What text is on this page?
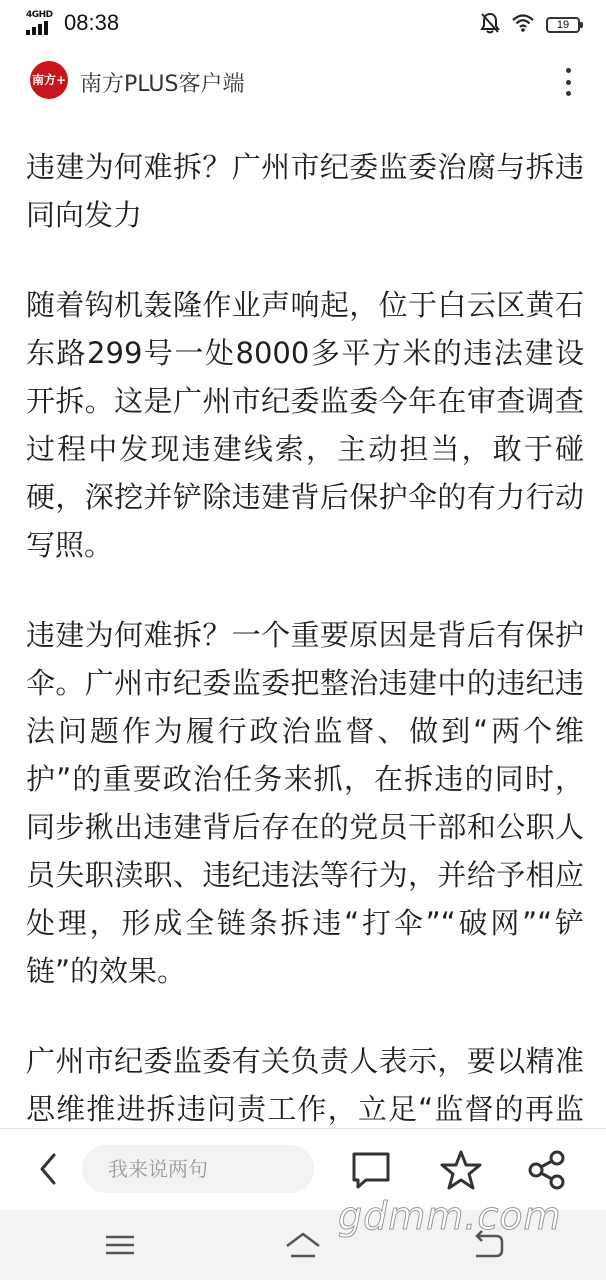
4GHD 08:38	19
南方+ 南方PLUS客户端

违建为何难拆？广州市纪委监委治腐与拆违同向发力

随着钩机轰隆作业声响起，位于白云区黄石东路299号一处8000多平方米的违法建设开拆。这是广州市纪委监委今年在审查调查过程中发现违建线索，主动担当，敢于碰硬，深挖并铲除违建背后保护伞的有力行动写照。

违建为何难拆？一个重要原因是背后有保护伞。广州市纪委监委把整治违建中的违纪违法问题作为履行政治监督、做到“两个维护”的重要政治任务来抓，在拆违的同时，同步揪出违建背后存在的党员干部和公职人员失职渎职、违纪违法等行为，并给予相应处理，形成全链条拆违“打伞”“破网”“铲链”的效果。

广州市纪委监委有关负责人表示，要以精准思维推进拆违问责工作，立足“监督的再监

我来说两句
gdmm.com
